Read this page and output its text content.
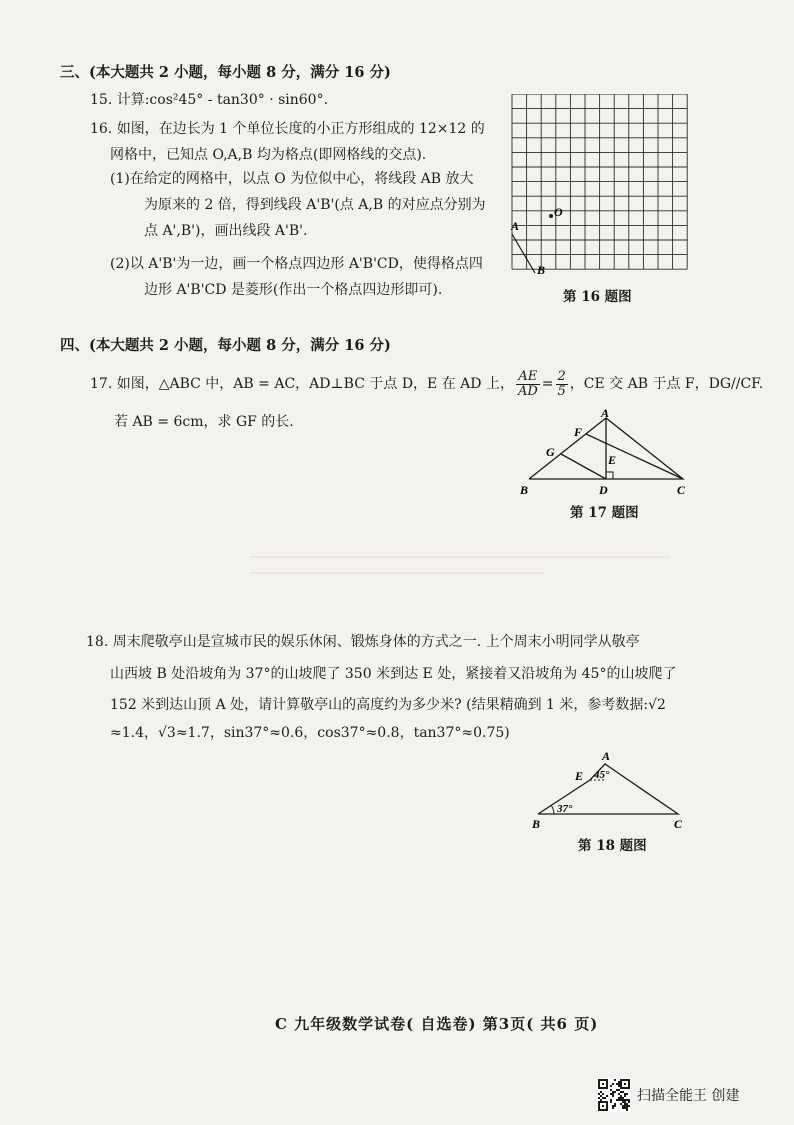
三、(本大题共 2 小题，每小题 8 分，满分 16 分)
15. 计算:cos²45° - tan30° · sin60°.
16. 如图，在边长为 1 个单位长度的小正方形组成的 12×12 的
网格中，已知点 O,A,B 均为格点(即网格线的交点).
(1)在给定的网格中，以点 O 为位似中心，将线段 AB 放大
为原来的 2 倍，得到线段 A'B'(点 A,B 的对应点分别为
点 A',B')，画出线段 A'B'.
(2)以 A'B'为一边，画一个格点四边形 A'B'CD，使得格点四
边形 A'B'CD 是菱形(作出一个格点四边形即可).
O
A
B
第 16 题图
四、(本大题共 2 小题，每小题 8 分，满分 16 分)
17. 如图，△ABC 中，AB = AC，AD⊥BC 于点 D，E 在 AD 上， $\frac{AE}{AD} = \frac{2}{5}$ ，CE 交 AB 于点 F，DG//CF.
若 AB = 6cm，求 GF 的长.
A
B	C
D
E
F
G
第 17 题图
18. 周末爬敬亭山是宣城市民的娱乐休闲、锻炼身体的方式之一. 上个周末小明同学从敬亭
山西坡 B 处沿坡角为 37°的山坡爬了 350 米到达 E 处，紧接着又沿坡角为 45°的山坡爬了
152 米到达山顶 A 处，请计算敬亭山的高度约为多少米? (结果精确到 1 米，参考数据:√2
≈1.4，√3≈1.7，sin37°≈0.6，cos37°≈0.8，tan37°≈0.75)
A
B	C
E 45°
37°
第 18 题图
C 九年级数学试卷( 自选卷) 第3页( 共6 页)
扫描全能王 创建
